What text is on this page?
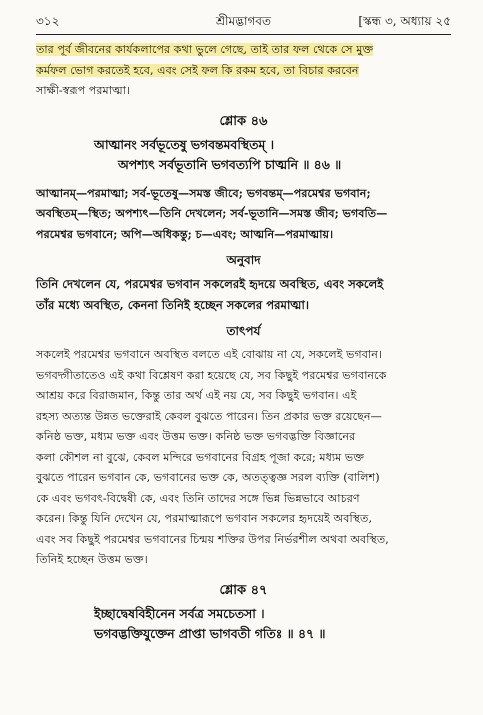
৩১২	শ্রীমদ্ভাগবত	[স্কন্ধ ৩, অধ্যায় ২৫

তার পূর্ব জীবনের কার্যকলাপের কথা ভুলে গেছে, তাই তার ফল থেকে সে মুক্ত
কর্মফল ভোগ করতেই হবে, এবং সেই ফল কি রকম হবে, তা বিচার করবেন
সাক্ষী-স্বরূপ পরমাত্মা।

শ্লোক ৪৬
আত্মানং সর্বভূতেষু ভগবন্তমবস্থিতম্ ।
অপশ্যৎ সর্বভূতানি ভগবত্যপি চাত্মনি ॥ ৪৬ ॥

আত্মানম্—পরমাত্মা; সর্ব-ভূতেষু—সমস্ত জীবে; ভগবন্তম্—পরমেশ্বর ভগবান;
অবস্থিতম্—স্থিত; অপশ্যৎ—তিনি দেখলেন; সর্ব-ভূতানি—সমস্ত জীব; ভগবতি—
পরমেশ্বর ভগবানে; অপি—অধিকন্তু; চ—এবং; আত্মনি—পরমাত্মায়।

অনুবাদ

তিনি দেখলেন যে, পরমেশ্বর ভগবান সকলেরই হৃদয়ে অবস্থিত, এবং সকলেই
তাঁর মধ্যে অবস্থিত, কেননা তিনিই হচ্ছেন সকলের পরমাত্মা।

তাৎপর্য

সকলেই পরমেশ্বর ভগবানে অবস্থিত বলতে এই বোঝায় না যে, সকলেই ভগবান।
ভগবদ্গীতাতেও এই কথা বিশ্লেষণ করা হয়েছে যে, সব কিছুই পরমেশ্বর ভগবানকে
আশ্রয় করে বিরাজমান, কিন্তু তার অর্থ এই নয় যে, সব কিছুই ভগবান। এই
রহস্য অত্যন্ত উন্নত ভক্তেরাই কেবল বুঝতে পারেন। তিন প্রকার ভক্ত রয়েছেন—
কনিষ্ঠ ভক্ত, মধ্যম ভক্ত এবং উত্তম ভক্ত। কনিষ্ঠ ভক্ত ভগবদ্ভক্তি বিজ্ঞানের
কলা কৌশল না বুঝে, কেবল মন্দিরে ভগবানের বিগ্রহ পূজা করে; মধ্যম ভক্ত
বুঝতে পারেন ভগবান কে, ভগবানের ভক্ত কে, অতত্ত্বজ্ঞ সরল ব্যক্তি (বালিশ)
কে এবং ভগবৎ-বিদ্বেষী কে, এবং তিনি তাদের সঙ্গে ভিন্ন ভিন্নভাবে আচরণ
করেন। কিন্তু যিনি দেখেন যে, পরমাত্মারূপে ভগবান সকলের হৃদয়েই অবস্থিত,
এবং সব কিছুই পরমেশ্বর ভগবানের চিন্ময় শক্তির উপর নির্ভরশীল অথবা অবস্থিত,
তিনিই হচ্ছেন উত্তম ভক্ত।

শ্লোক ৪৭
ইচ্ছাদ্বেষবিহীনেন সর্বত্র সমচেতসা ।
ভগবদ্ভক্তিযুক্তেন প্রাপ্তা ভাগবতী গতিঃ ॥ ৪৭ ॥
